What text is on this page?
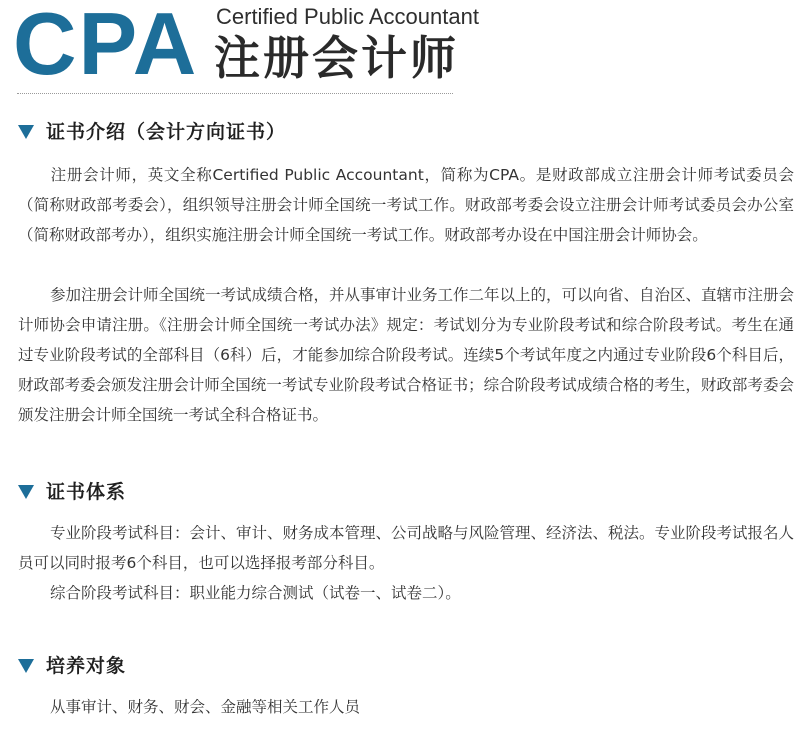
CPA Certified Public Accountant
注册会计师
证书介绍（会计方向证书）

注册会计师，英文全称Certified Public Accountant，简称为CPA。是财政部成立注册会计师考试委员会（简称财政部考委会），组织领导注册会计师全国统一考试工作。财政部考委会设立注册会计师考试委员会办公室（简称财政部考办），组织实施注册会计师全国统一考试工作。财政部考办设在中国注册会计师协会。

参加注册会计师全国统一考试成绩合格，并从事审计业务工作二年以上的，可以向省、自治区、直辖市注册会计师协会申请注册。《注册会计师全国统一考试办法》规定：考试划分为专业阶段考试和综合阶段考试。考生在通过专业阶段考试的全部科目（6科）后，才能参加综合阶段考试。连续5个考试年度之内通过专业阶段6个科目后，财政部考委会颁发注册会计师全国统一考试专业阶段考试合格证书；综合阶段考试成绩合格的考生，财政部考委会颁发注册会计师全国统一考试全科合格证书。

证书体系

专业阶段考试科目：会计、审计、财务成本管理、公司战略与风险管理、经济法、税法。专业阶段考试报名人员可以同时报考6个科目，也可以选择报考部分科目。

综合阶段考试科目：职业能力综合测试（试卷一、试卷二）。

培养对象

从事审计、财务、财会、金融等相关工作人员
